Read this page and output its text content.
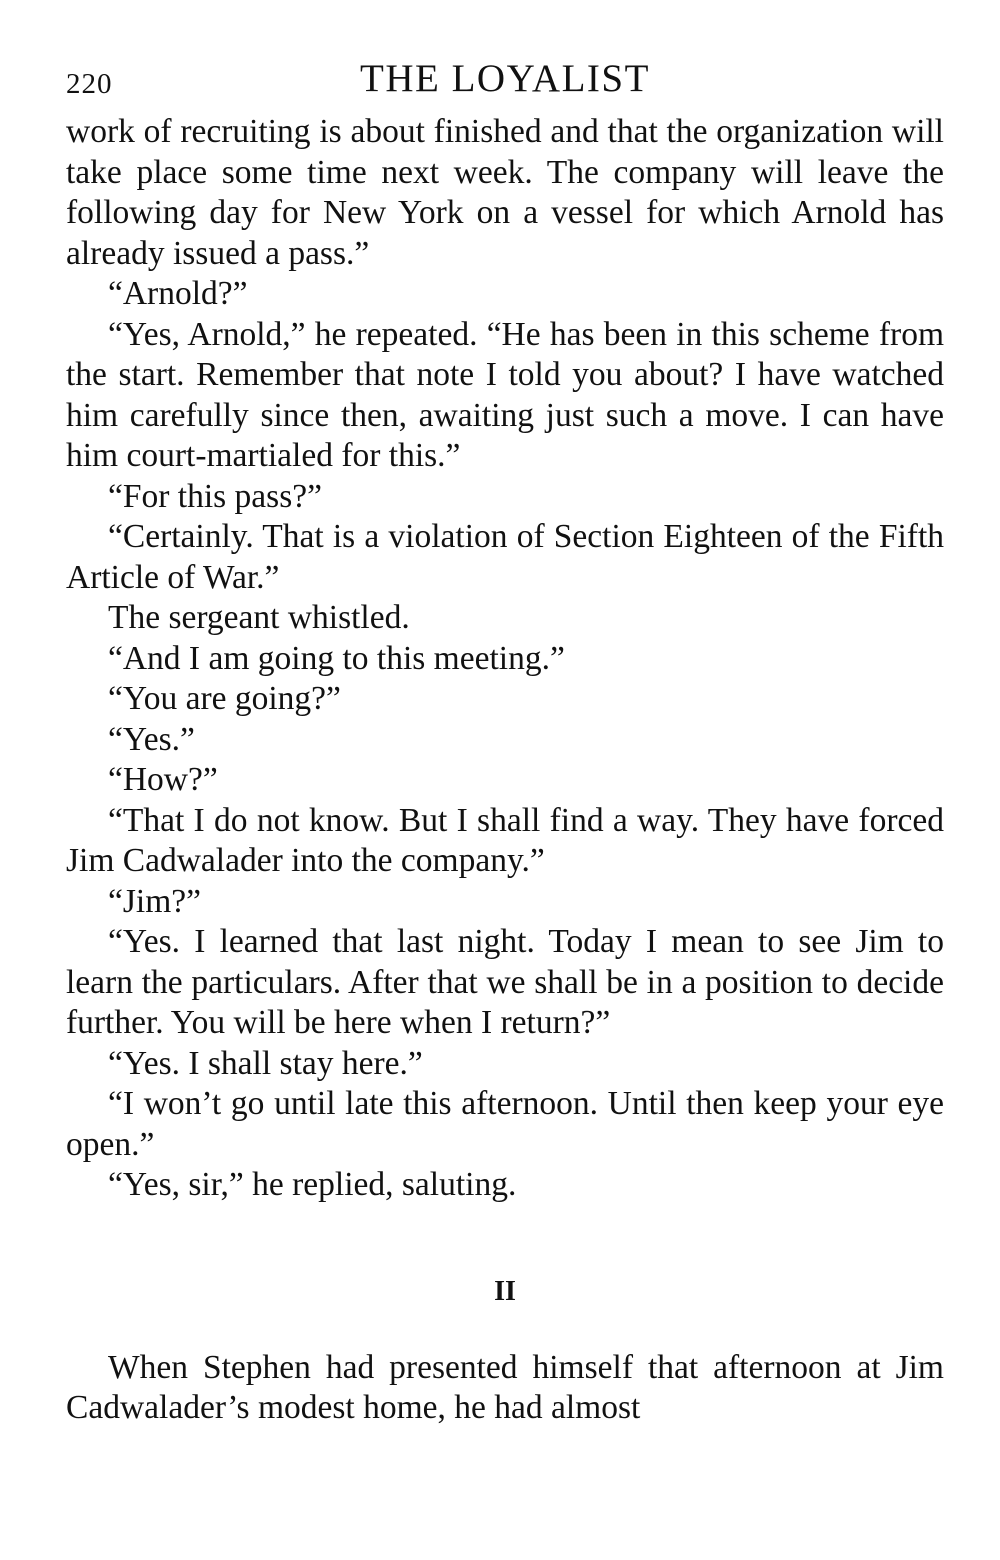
220	THE LOYALIST

work of recruiting is about finished and that the organization will take place some time next week. The company will leave the following day for New York on a vessel for which Arnold has already issued a pass.”

“Arnold?”

“Yes, Arnold,” he repeated. “He has been in this scheme from the start. Remember that note I told you about? I have watched him carefully since then, awaiting just such a move. I can have him court-martialed for this.”

“For this pass?”

“Certainly. That is a violation of Section Eighteen of the Fifth Article of War.”

The sergeant whistled.

“And I am going to this meeting.”

“You are going?”

“Yes.”

“How?”

“That I do not know. But I shall find a way. They have forced Jim Cadwalader into the company.”

“Jim?”

“Yes. I learned that last night. Today I mean to see Jim to learn the particulars. After that we shall be in a position to decide further. You will be here when I return?”

“Yes. I shall stay here.”

“I won’t go until late this afternoon. Until then keep your eye open.”

“Yes, sir,” he replied, saluting.

II

When Stephen had presented himself that afternoon at Jim Cadwalader’s modest home, he had almost
